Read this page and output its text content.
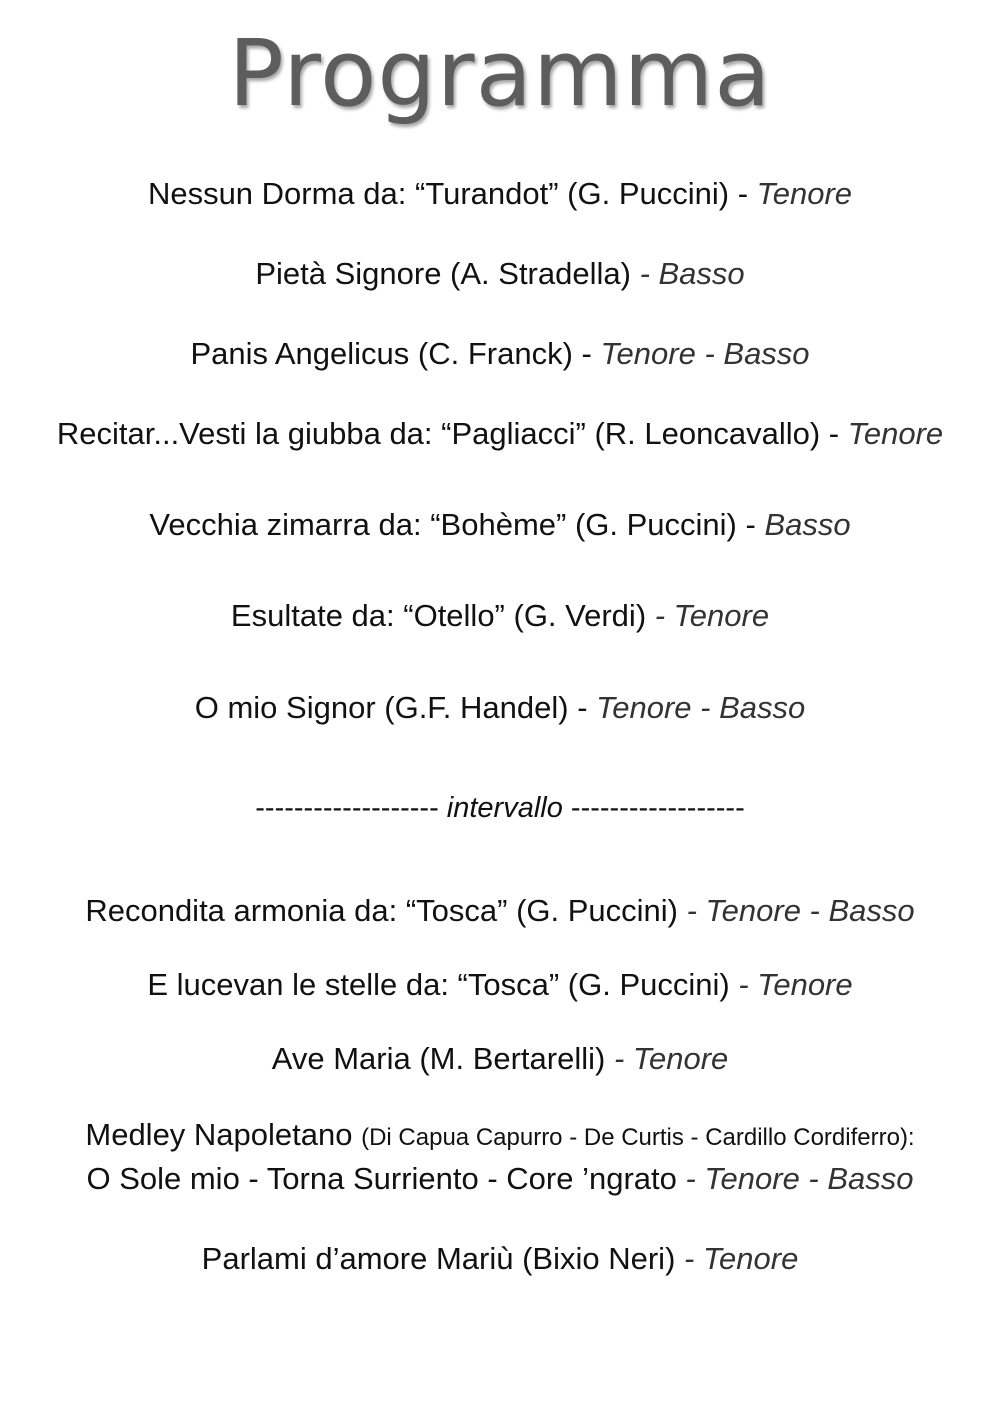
Programma
Nessun Dorma da: “Turandot” (G. Puccini) - Tenore
Pietà Signore (A. Stradella) - Basso
Panis Angelicus (C. Franck) - Tenore - Basso
Recitar...Vesti la giubba da: “Pagliacci” (R. Leoncavallo) - Tenore
Vecchia zimarra da: “Bohème” (G. Puccini) - Basso
Esultate da: “Otello” (G. Verdi) - Tenore
O mio Signor (G.F. Handel) - Tenore - Basso
------------------- intervallo ------------------
Recondita armonia da: “Tosca” (G. Puccini) - Tenore - Basso
E lucevan le stelle da: “Tosca” (G. Puccini) - Tenore
Ave Maria (M. Bertarelli) - Tenore
Medley Napoletano (Di Capua Capurro - De Curtis - Cardillo Cordiferro):
O Sole mio - Torna Surriento - Core ’ngrato - Tenore - Basso
Parlami d’amore Mariù (Bixio Neri) - Tenore
